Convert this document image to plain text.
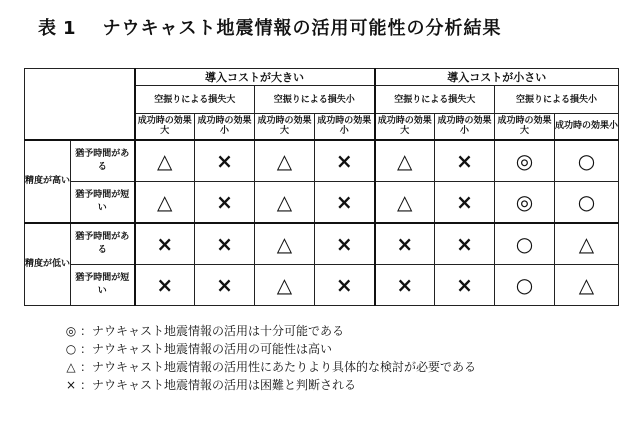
表 1 ナウキャスト地震情報の活用可能性の分析結果
		導入コストが大きい				導入コストが小さい			
		空振りによる損失大		空振りによる損失小		空振りによる損失大		空振りによる損失小	
		成功時の効果大	成功時の効果小	成功時の効果大	成功時の効果小	成功時の効果大	成功時の効果小	成功時の効果大	成功時の効果小
精度が高い	猶予時間がある	△	×	△	×	△	×	◎	○
	猶予時間が短い	△	×	△	×	△	×	◎	○
精度が低い	猶予時間がある	×	×	△	×	×	×	○	△
	猶予時間が短い	×	×	△	×	×	×	○	△
◎ ：ナウキャスト地震情報の活用は十分可能である
○ ：ナウキャスト地震情報の活用の可能性は高い
△ ：ナウキャスト地震情報の活用性にあたりより具体的な検討が必要である
× ：ナウキャスト地震情報の活用は困難と判断される
